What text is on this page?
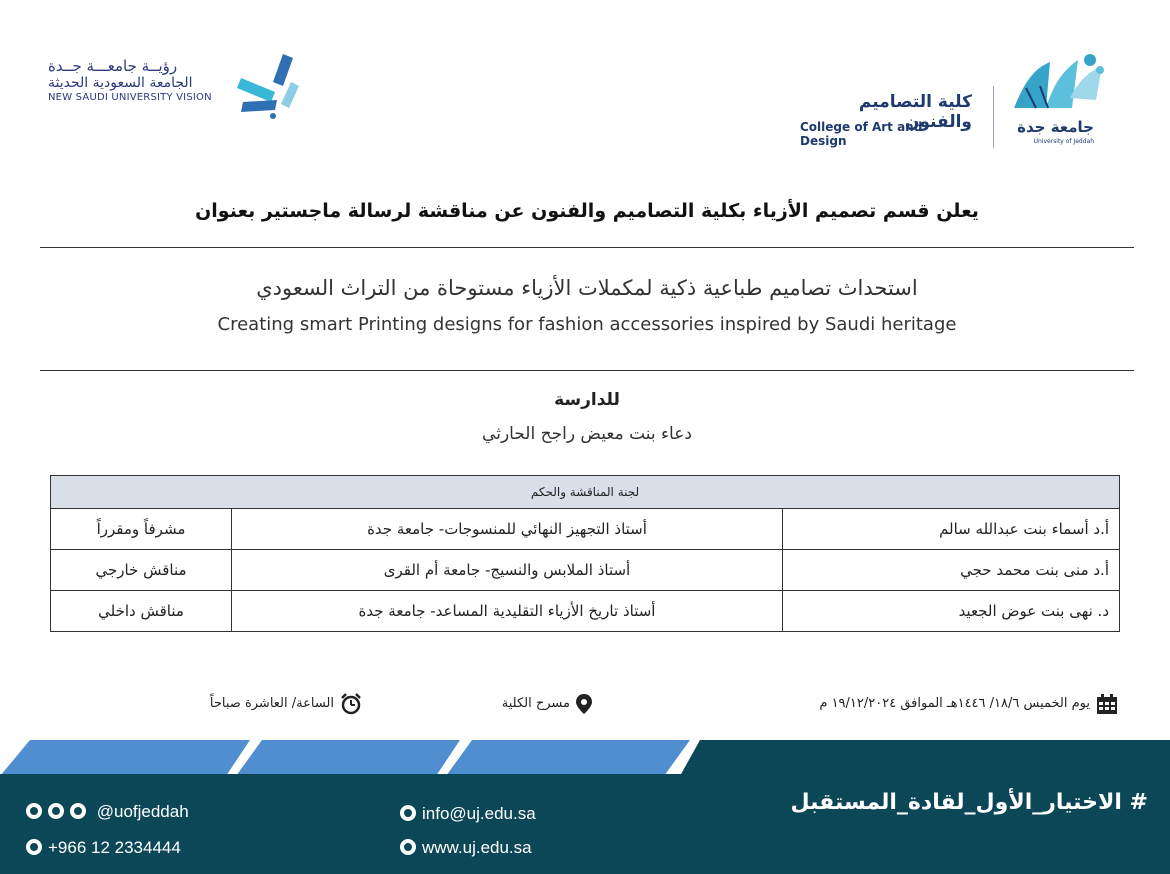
رؤيــة جامعـــة جــدة
الجامعة السعودية الحديثة
NEW SAUDI UNIVERSITY VISION	كلية التصاميم والفنون
College of Art and Design
جامعة جدة
University of Jeddah
يعلن قسم تصميم الأزياء بكلية التصاميم والفنون عن مناقشة لرسالة ماجستير بعنوان
استحداث تصاميم طباعية ذكية لمكملات الأزياء مستوحاة من التراث السعودي
Creating smart Printing designs for fashion accessories inspired by Saudi heritage
للدارسة
دعاء بنت معيض راجح الحارثي
لجنة المناقشة والحكم		
أ.د أسماء بنت عبدالله سالم	أستاذ التجهيز النهائي للمنسوجات- جامعة جدة	مشرفاً ومقرراً
أ.د منى بنت محمد حجي	أستاذ الملابس والنسيج- جامعة أم القرى	مناقش خارجي
د. نهى بنت عوض الجعيد	أستاذ تاريخ الأزياء التقليدية المساعد- جامعة جدة	مناقش داخلي
يوم الخميس ١٨/٦/ ١٤٤٦هـ الموافق ١٩/١٢/٢٠٢٤ م
مسرح الكلية
الساعة/ العاشرة صباحاً
# الاختيار_الأول_لقادة_المستقبل
@uofjeddah
+966 12 2334444
info@uj.edu.sa
www.uj.edu.sa
